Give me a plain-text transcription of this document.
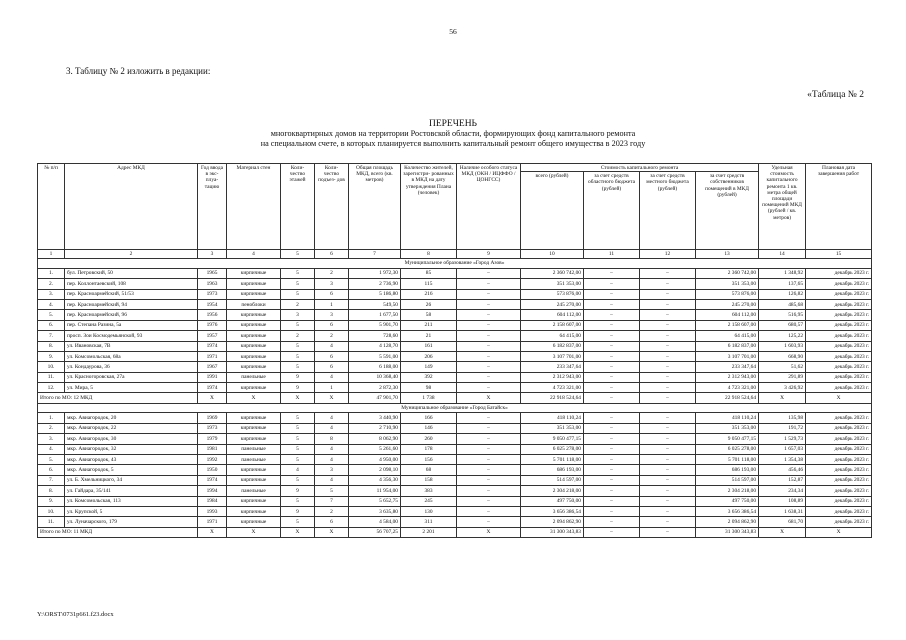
56
3. Таблицу № 2 изложить в редакции:
«Таблица № 2
ПЕРЕЧЕНЬ
многоквартирных домов на территории Ростовской области, формирующих фонд капитального ремонта
на специальном счете, в которых планируется выполнить капитальный ремонт общего имущества в 2023 году
№ п/п	Адрес МКД	Год ввода в экс- плуа- тацию	Материал стен	Коли- чество этажей	Коли- чество подъез- дов	Общая площадь МКД, всего (кв. метров)	Количество жителей, зарегистри- рованных в МКД на дату утверждения Плана (человек)	Наличие особого статуса МКД (ОКН / ИЦФФО / ЦОНГСС)	Стоимость капитального ремонта				Удельная стоимость капитального ремонта 1 кв. метра общей площади помещений МКД (рублей / кв. метров)	Плановая дата завершения работ
									всего (рублей)	за счет средств областного бюджета (рублей)	за счет средств местного бюджета (рублей)	за счет средств собственников помещений в МКД (рублей)		
1	2	3	4	5	6	7	8	9	10	11	12	13	14	15
Муниципальное образование «Город Азов»														
1.	бул. Петровский, 50	1965	кирпичные	5	2	1 972,30	85	–	2 360 742,00	–	–	2 360 742,00	1 348,92	декабрь 2023 г.
2.	пер. Коллонтаевский, 108	1963	кирпичные	5	3	2 736,90	115	–	351 353,00	–	–	351 353,00	137,65	декабрь 2023 г.
3.	пер. Красноармейский, 51/53	1973	кирпичные	5	6	5 186,80	216	–	573 876,00	–	–	573 876,00	126,82	декабрь 2023 г.
4.	пер. Красноармейский, 94	1954	пеноблоки	2	1	549,50	26	–	245 270,00	–	–	245 270,00	485,68	декабрь 2023 г.
5.	пер. Красноармейский, 96	1956	кирпичные	3	3	1 677,50	58	–	604 112,00	–	–	604 112,00	516,95	декабрь 2023 г.
6.	пер. Степана Разина, 5а	1976	кирпичные	5	6	5 901,70	211	–	2 158 607,00	–	–	2 158 607,00	680,57	декабрь 2023 г.
7.	просп. Зои Космодемьянской, 93	1957	кирпичные	2	2	728,60	21	–	64 415,00	–	–	64 415,00	125,22	декабрь 2023 г.
8.	ул. Ивановская, 7В	1974	кирпичные	5	4	4 128,70	161	–	6 182 837,00	–	–	6 182 837,00	1 603,93	декабрь 2023 г.
9.	ул. Комсомольская, 68а	1971	кирпичные	5	6	5 591,00	206	–	3 107 701,00	–	–	3 107 701,00	668,90	декабрь 2023 г.
10.	ул. Кондаурова, 36	1967	кирпичные	5	6	6 188,00	149	–	233 347,64	–	–	233 347,64	51,62	декабрь 2023 г.
11.	ул. Красногоровская, 27а	1991	панельные	9	4	10 368,40	392	–	2 312 943,00	–	–	2 312 943,00	291,89	декабрь 2023 г.
12.	ул. Мира, 5	1974	кирпичные	9	1	2 872,30	98	–	4 723 321,00	–	–	4 723 321,00	3 426,92	декабрь 2023 г.
Итого по МО: 12 МКД		X	X	X	X	47 901,70	1 738	X	22 918 524,64	–	–	22 918 524,64	X	X
Муниципальное образование «Город Батайск»														
1.	мкр. Авиагородок, 20	1969	кирпичные	5	4	3 440,90	166	–	418 110,24	–	–	418 110,24	135,98	декабрь 2023 г.
2.	мкр. Авиагородок, 22	1973	кирпичные	5	4	2 710,90	146	–	351 353,00	–	–	351 353,00	191,72	декабрь 2023 г.
3.	мкр. Авиагородок, 30	1979	кирпичные	5	8	8 062,90	260	–	9 050 477,15	–	–	9 050 477,15	1 529,73	декабрь 2023 г.
4.	мкр. Авиагородок, 32	1981	панельные	5	4	5 261,60	178	–	6 025 278,00	–	–	6 025 278,00	1 657,03	декабрь 2023 г.
5.	мкр. Авиагородок, 43	1992	панельные	5	4	4 950,00	156	–	5 701 118,00	–	–	5 701 118,00	1 354,38	декабрь 2023 г.
6.	мкр. Авиагородок, 5	1950	кирпичные	4	3	2 098,10	68	–	686 193,00	–	–	686 193,00	456,46	декабрь 2023 г.
7.	ул. Б. Хмельницкого, 34	1974	кирпичные	5	4	4 356,30	158	–	514 597,00	–	–	514 597,00	152,87	декабрь 2023 г.
8.	ул. Гайдара, 35/141	1994	панельные	9	5	11 954,00	383	–	2 304 218,00	–	–	2 304 218,00	234,34	декабрь 2023 г.
9.	ул. Комсомольская, 113	1984	кирпичные	5	7	5 652,75	245	–	497 750,00	–	–	497 750,00	108,89	декабрь 2023 г.
10.	ул. Крупской, 5	1993	кирпичные	9	2	3 635,80	130	–	3 656 386,54	–	–	3 656 386,54	1 638,31	декабрь 2023 г.
11.	ул. Луначарского, 179	1971	кирпичные	5	6	4 584,00	311	–	2 094 862,90	–	–	2 094 862,90	681,70	декабрь 2023 г.
Итого по МО: 11 МКД		X	X	X	X	56 707,25	2 201	X	31 300 343,83	–	–	31 300 343,83	X	X
Y:\ORST\0731p661.f23.docx
